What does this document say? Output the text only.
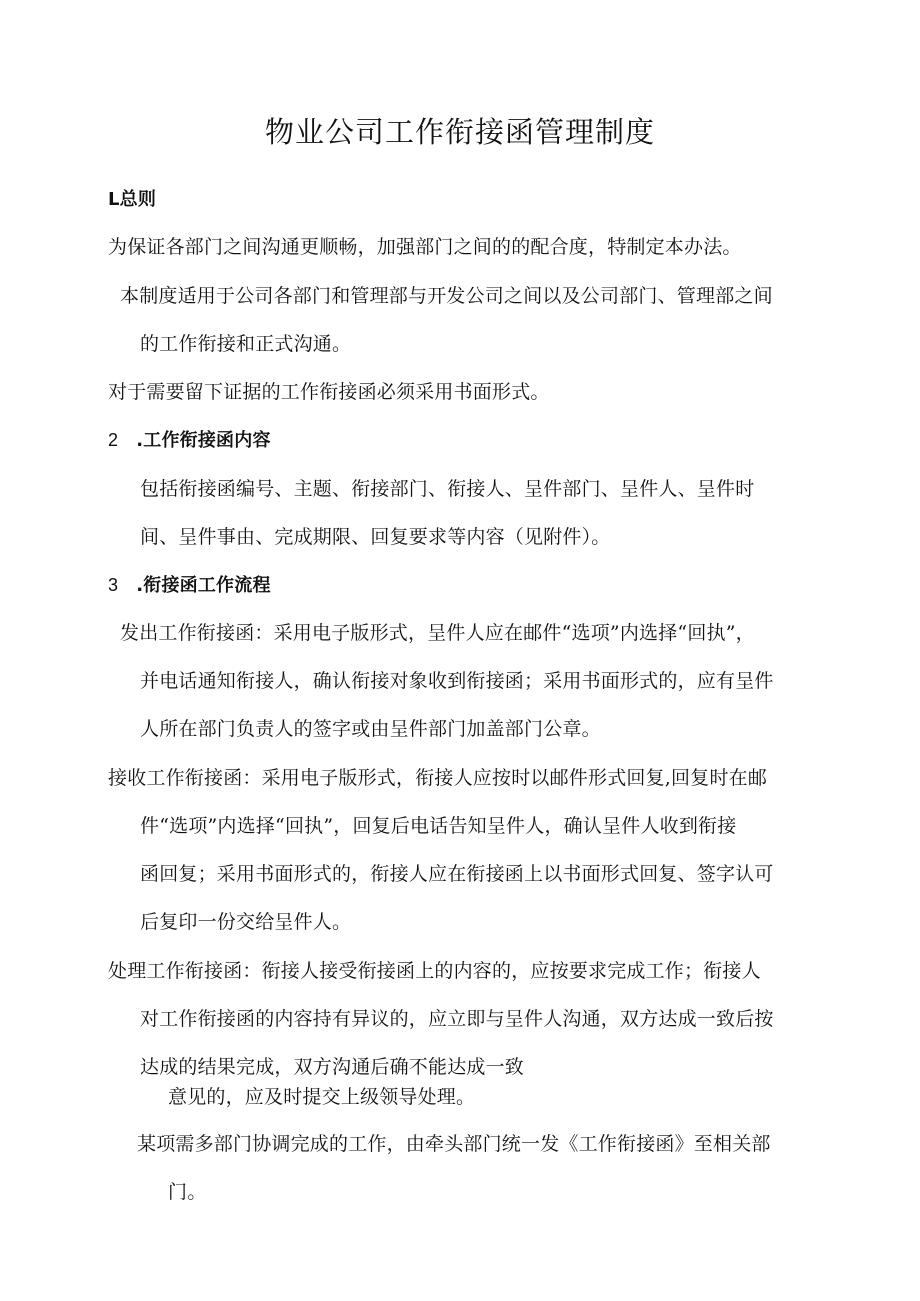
物业公司工作衔接函管理制度
L总则
为保证各部门之间沟通更顺畅，加强部门之间的的配合度，特制定本办法。
本制度适用于公司各部门和管理部与开发公司之间以及公司部门、管理部之间
的工作衔接和正式沟通。
对于需要留下证据的工作衔接函必须采用书面形式。
2 .工作衔接函内容
包括衔接函编号、主题、衔接部门、衔接人、呈件部门、呈件人、呈件时
间、呈件事由、完成期限、回复要求等内容（见附件）。
3 .衔接函工作流程
发出工作衔接函：采用电子版形式，呈件人应在邮件“选项”内选择“回执”，
并电话通知衔接人，确认衔接对象收到衔接函；采用书面形式的，应有呈件
人所在部门负责人的签字或由呈件部门加盖部门公章。
接收工作衔接函：采用电子版形式，衔接人应按时以邮件形式回复,回复时在邮
件“选项”内选择“回执”，回复后电话告知呈件人，确认呈件人收到衔接
函回复；采用书面形式的，衔接人应在衔接函上以书面形式回复、签字认可
后复印一份交给呈件人。
处理工作衔接函：衔接人接受衔接函上的内容的，应按要求完成工作；衔接人
对工作衔接函的内容持有异议的，应立即与呈件人沟通，双方达成一致后按
达成的结果完成，双方沟通后确不能达成一致
意见的，应及时提交上级领导处理。
某项需多部门协调完成的工作，由牵头部门统一发《工作衔接函》至相关部
门。
